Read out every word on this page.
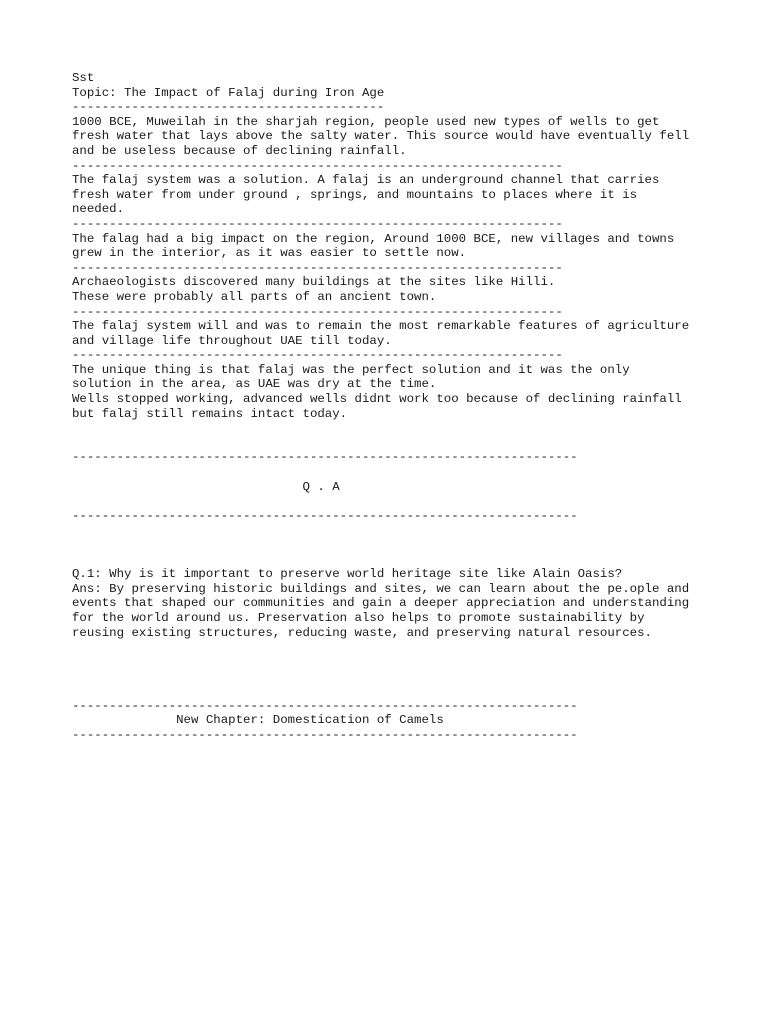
Sst
Topic: The Impact of Falaj during Iron Age
------------------------------------------
1000 BCE, Muweilah in the sharjah region, people used new types of wells to get
fresh water that lays above the salty water. This source would have eventually fell
and be useless because of declining rainfall.
------------------------------------------------------------------
The falaj system was a solution. A falaj is an underground channel that carries
fresh water from under ground , springs, and mountains to places where it is
needed.
------------------------------------------------------------------
The falag had a big impact on the region, Around 1000 BCE, new villages and towns
grew in the interior, as it was easier to settle now.
------------------------------------------------------------------
Archaeologists discovered many buildings at the sites like Hilli.
These were probably all parts of an ancient town.
------------------------------------------------------------------
The falaj system will and was to remain the most remarkable features of agriculture
and village life throughout UAE till today.
------------------------------------------------------------------
The unique thing is that falaj was the perfect solution and it was the only
solution in the area, as UAE was dry at the time.
Wells stopped working, advanced wells didnt work too because of declining rainfall
but falaj still remains intact today.
--------------------------------------------------------------------
Q . A
--------------------------------------------------------------------
Q.1: Why is it important to preserve world heritage site like Alain Oasis?
Ans: By preserving historic buildings and sites, we can learn about the pe.ople and
events that shaped our communities and gain a deeper appreciation and understanding
for the world around us. Preservation also helps to promote sustainability by
reusing existing structures, reducing waste, and preserving natural resources.
--------------------------------------------------------------------
New Chapter: Domestication of Camels
--------------------------------------------------------------------
